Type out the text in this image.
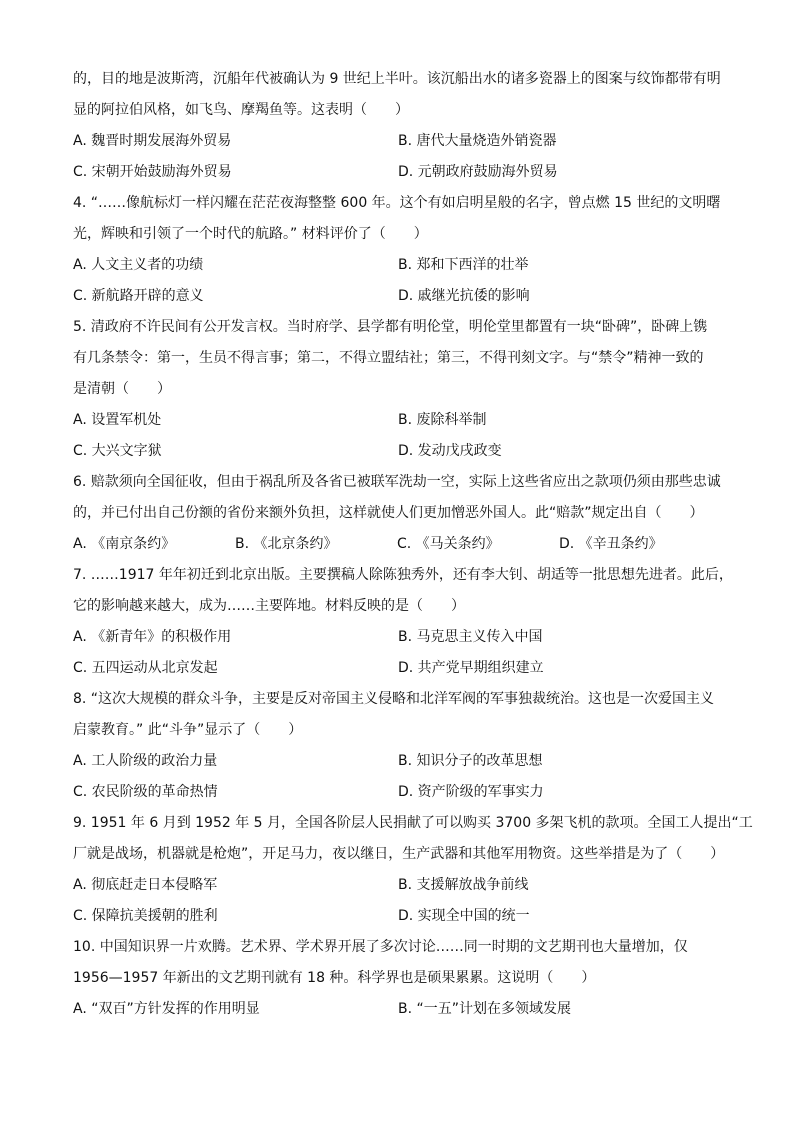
的，目的地是波斯湾，沉船年代被确认为 9 世纪上半叶。该沉船出水的诸多瓷器上的图案与纹饰都带有明
显的阿拉伯风格，如飞鸟、摩羯鱼等。这表明（　　）
A. 魏晋时期发展海外贸易	B. 唐代大量烧造外销瓷器
C. 宋朝开始鼓励海外贸易	D. 元朝政府鼓励海外贸易
4. “……像航标灯一样闪耀在茫茫夜海整整 600 年。这个有如启明星般的名字，曾点燃 15 世纪的文明曙
光，辉映和引领了一个时代的航路。” 材料评价了（　　）
A. 人文主义者的功绩	B. 郑和下西洋的壮举
C. 新航路开辟的意义	D. 戚继光抗倭的影响
5. 清政府不许民间有公开发言权。当时府学、县学都有明伦堂，明伦堂里都置有一块“卧碑”，卧碑上镌
有几条禁令：第一，生员不得言事；第二，不得立盟结社；第三，不得刊刻文字。与“禁令”精神一致的
是清朝（　　）
A. 设置军机处	B. 废除科举制
C. 大兴文字狱	D. 发动戊戌政变
6. 赔款须向全国征收，但由于祸乱所及各省已被联军洗劫一空，实际上这些省应出之款项仍须由那些忠诚
的，并已付出自己份额的省份来额外负担，这样就使人们更加憎恶外国人。此“赔款”规定出自（　　）
A. 《南京条约》	B. 《北京条约》	C. 《马关条约》	D. 《辛丑条约》
7. ……1917 年年初迁到北京出版。主要撰稿人除陈独秀外，还有李大钊、胡适等一批思想先进者。此后，
它的影响越来越大，成为……主要阵地。材料反映的是（　　）
A. 《新青年》的积极作用	B. 马克思主义传入中国
C. 五四运动从北京发起	D. 共产党早期组织建立
8. “这次大规模的群众斗争，主要是反对帝国主义侵略和北洋军阀的军事独裁统治。这也是一次爱国主义
启蒙教育。” 此“斗争”显示了（　　）
A. 工人阶级的政治力量	B. 知识分子的改革思想
C. 农民阶级的革命热情	D. 资产阶级的军事实力
9. 1951 年 6 月到 1952 年 5 月，全国各阶层人民捐献了可以购买 3700 多架飞机的款项。全国工人提出“工
厂就是战场，机器就是枪炮”，开足马力，夜以继日，生产武器和其他军用物资。这些举措是为了（　　）
A. 彻底赶走日本侵略军	B. 支援解放战争前线
C. 保障抗美援朝的胜利	D. 实现全中国的统一
10. 中国知识界一片欢腾。艺术界、学术界开展了多次讨论……同一时期的文艺期刊也大量增加，仅
1956—1957 年新出的文艺期刊就有 18 种。科学界也是硕果累累。这说明（　　）
A. “双百”方针发挥的作用明显	B. “一五”计划在多领域发展
